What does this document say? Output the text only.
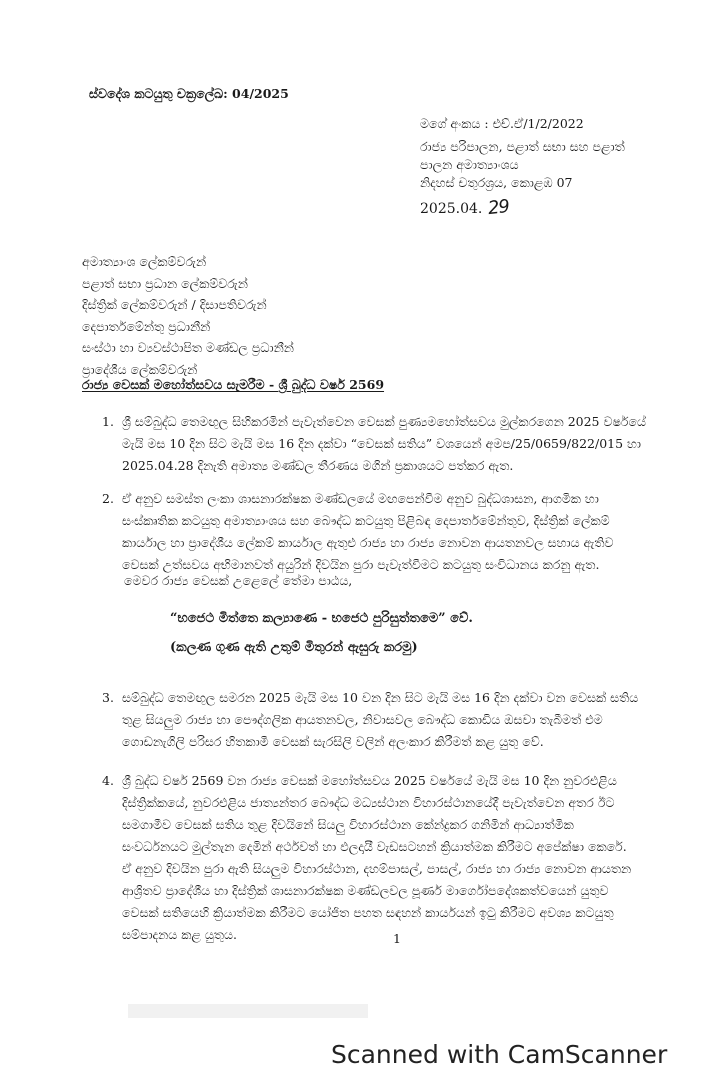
ස්වදේශ කටයුතු චක්‍රලේඛ: 04/2025
මගේ අංකය : එච්.ඒ/1/2/2022
රාජ්‍ය පරිපාලන, පළාත් සභා සහ පළාත්
පාලන අමාත්‍යාංශය
නිදහස් චතුරශ්‍රය, කොළඹ 07
2025.04. 29
අමාත්‍යාංශ ලේකම්වරුන්
පළාත් සභා ප්‍රධාන ලේකම්වරුන්
දිස්ත්‍රික් ලේකම්වරුන් / දිසාපතිවරුන්
දෙපාර්තමේන්තු ප්‍රධානීන්
සංස්ථා හා ව්‍යවස්ථාපිත මණ්ඩල ප්‍රධානීන්
ප්‍රාදේශීය ලේකම්වරුන්
රාජ්‍ය වෙසක් මහෝත්සවය සැමරීම - ශ්‍රී බුද්ධ වර්ෂ 2569
1. ශ්‍රී සම්බුද්ධ තෙමඟුල සිහිකරමින් පැවැත්වෙන වෙසක් පුණ්‍යමහෝත්සවය මුල්කරගෙන 2025 වර්ෂයේ
මැයි මස 10 දින සිට මැයි මස 16 දින දක්වා “වෙසක් සතිය” වශයෙන් අමප/25/0659/822/015 හා
2025.04.28 දිනැති අමාත්‍ය මණ්ඩල තීරණය මගින් ප්‍රකාශයට පත්කර ඇත.
2. ඒ අනුව සමස්ත ලංකා ශාසනාරක්ෂක මණ්ඩලයේ මඟපෙන්වීම අනුව බුද්ධශාසන, ආගමික හා
සංස්කෘතික කටයුතු අමාත්‍යාංශය සහ බෞද්ධ කටයුතු පිළිබඳ දෙපාර්තමේන්තුව, දිස්ත්‍රික් ලේකම්
කාර්යාල හා ප්‍රාදේශීය ලේකම් කාර්යාල ඇතුළු රාජ්‍ය හා රාජ්‍ය නොවන ආයතනවල සහාය ඇතිව
වෙසක් උත්සවය අභිමානවත් අයුරින් දිවයින පුරා පැවැත්වීමට කටයුතු සංවිධානය කරනු ඇත.
මෙවර රාජ්‍ය වෙසක් උළෙලේ තේමා පාඨය,
“භජෙථ මිත්තෙ කල්‍යාණෙ - භජෙථ පුරිසුත්තමෙ” වේ.
(කලණ ගුණ ඇති උතුම් මිතුරන් ඇසුරු කරමු)
3. සම්බුද්ධ තෙමඟුල සමරන 2025 මැයි මස 10 වන දින සිට මැයි මස 16 දින දක්වා වන වෙසක් සතිය
තුළ සියලුම රාජ්‍ය හා පෞද්ගලික ආයතනවල, නිවාසවල බෞද්ධ කොඩිය ඔසවා තැබීමත් එම
ගොඩනැගිලි පරිසර හිතකාමී වෙසක් සැරසිලි වලින් අලංකාර කිරීමත් කළ යුතු වේ.
4. ශ්‍රී බුද්ධ වර්ෂ 2569 වන රාජ්‍ය වෙසක් මහෝත්සවය 2025 වර්ෂයේ මැයි මස 10 දින නුවරඑළිය
දිස්ත්‍රික්කයේ, නුවරඑළිය ජාත්‍යන්තර බෞද්ධ මධ්‍යස්ථාන විහාරස්ථානයේදී පැවැත්වෙන අතර ඊට
සමගාමීව වෙසක් සතිය තුළ දිවයිනේ සියලු විහාරස්ථාන කේන්ද්‍රකර ගනිමින් ආධ්‍යාත්මික
සංවර්ධනයට මුල්තැන දෙමින් අර්ථවත් හා ඵලදායී වැඩසටහන් ක්‍රියාත්මක කිරීමට අපේක්ෂා කෙරේ.
ඒ අනුව දිවයින පුරා ඇති සියලුම විහාරස්ථාන, දහම්පාසල්, පාසල්, රාජ්‍ය හා රාජ්‍ය නොවන ආයතන
ආශ්‍රිතව ප්‍රාදේශීය හා දිස්ත්‍රික් ශාසනාරක්ෂක මණ්ඩලවල පූර්ණ මාර්ගෝපදේශකත්වයෙන් යුතුව
වෙසක් සතියෙහි ක්‍රියාත්මක කිරීමට යෝජිත පහත සඳහන් කාර්යයන් ඉටු කිරීමට අවශ්‍ය කටයුතු
සම්පාදනය කළ යුතුය.	1
Scanned with CamScanner
